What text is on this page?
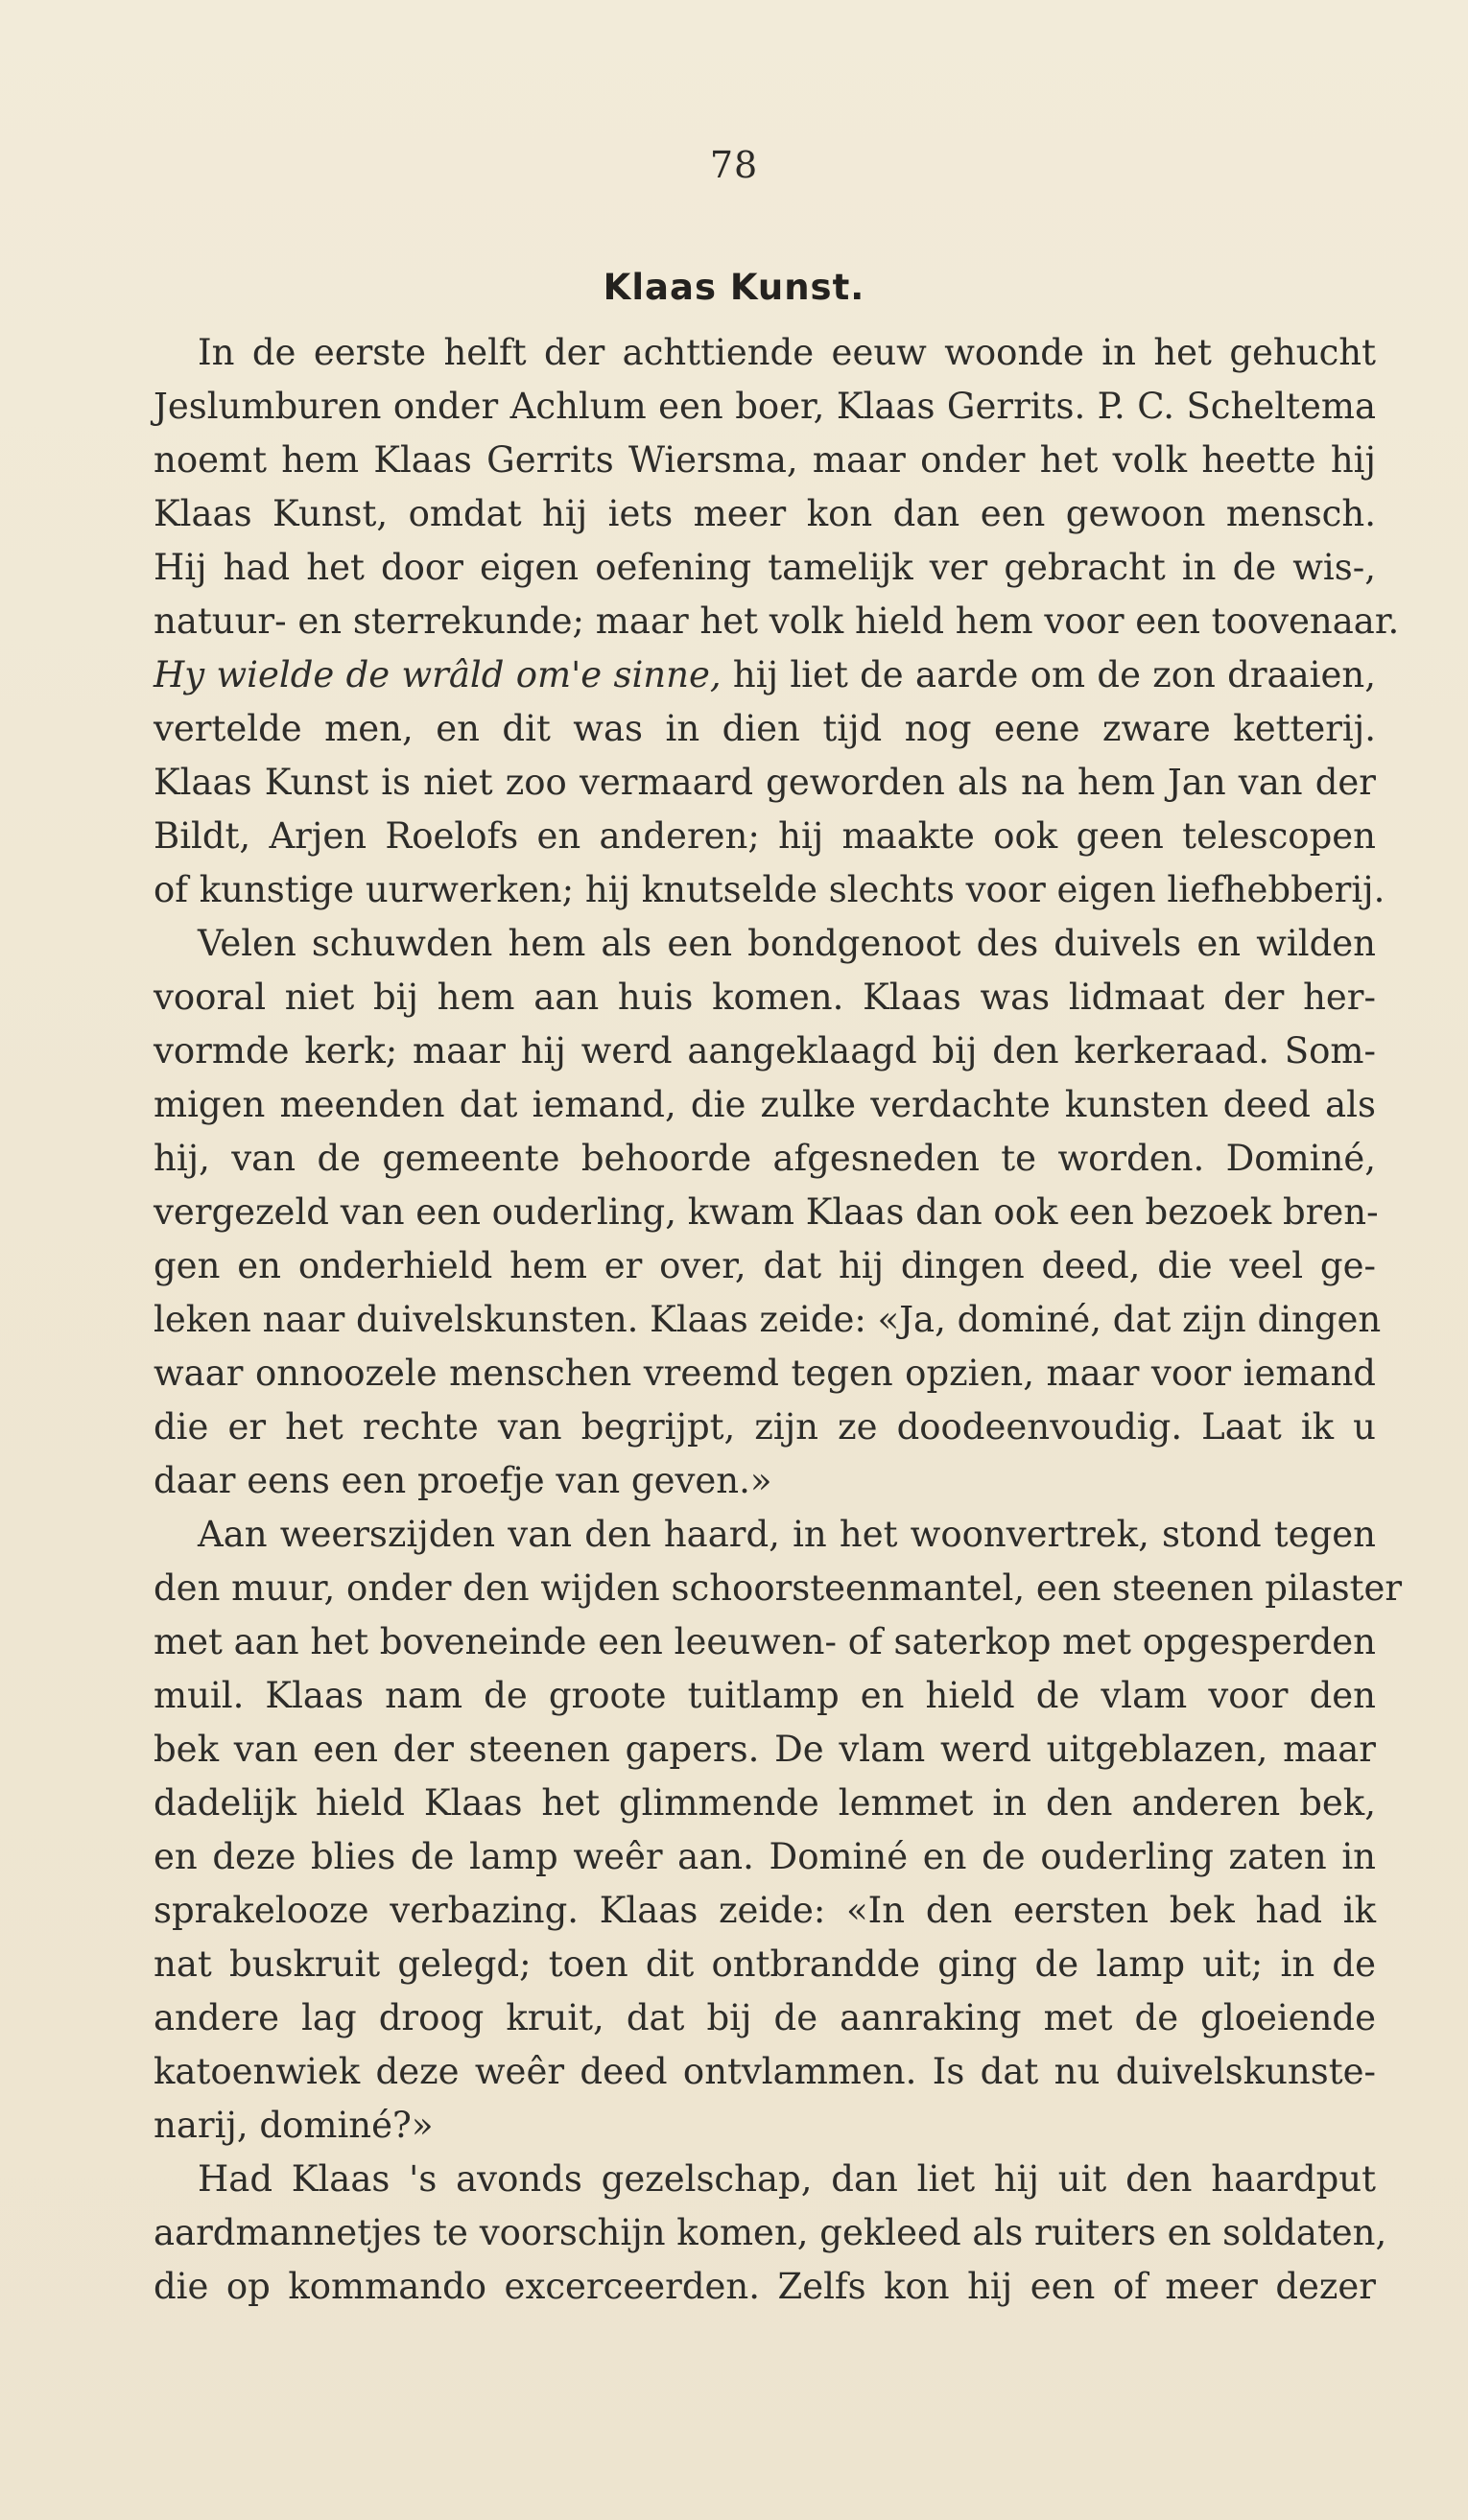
78
Klaas Kunst.
In de eerste helft der achttiende eeuw woonde in het gehucht
Jeslumburen onder Achlum een boer, Klaas Gerrits. P. C. Scheltema
noemt hem Klaas Gerrits Wiersma, maar onder het volk heette hij
Klaas Kunst, omdat hij iets meer kon dan een gewoon mensch.
Hij had het door eigen oefening tamelijk ver gebracht in de wis-,
natuur- en sterrekunde; maar het volk hield hem voor een toovenaar.
Hy wielde de wrâld om'e sinne, hij liet de aarde om de zon draaien,
vertelde men, en dit was in dien tijd nog eene zware ketterij.
Klaas Kunst is niet zoo vermaard geworden als na hem Jan van der
Bildt, Arjen Roelofs en anderen; hij maakte ook geen telescopen
of kunstige uurwerken; hij knutselde slechts voor eigen liefhebberij.
Velen schuwden hem als een bondgenoot des duivels en wilden
vooral niet bij hem aan huis komen. Klaas was lidmaat der her-
vormde kerk; maar hij werd aangeklaagd bij den kerkeraad. Som-
migen meenden dat iemand, die zulke verdachte kunsten deed als
hij, van de gemeente behoorde afgesneden te worden. Dominé,
vergezeld van een ouderling, kwam Klaas dan ook een bezoek bren-
gen en onderhield hem er over, dat hij dingen deed, die veel ge-
leken naar duivelskunsten. Klaas zeide: «Ja, dominé, dat zijn dingen
waar onnoozele menschen vreemd tegen opzien, maar voor iemand
die er het rechte van begrijpt, zijn ze doodeenvoudig. Laat ik u
daar eens een proefje van geven.»
Aan weerszijden van den haard, in het woonvertrek, stond tegen
den muur, onder den wijden schoorsteenmantel, een steenen pilaster
met aan het boveneinde een leeuwen- of saterkop met opgesperden
muil. Klaas nam de groote tuitlamp en hield de vlam voor den
bek van een der steenen gapers. De vlam werd uitgeblazen, maar
dadelijk hield Klaas het glimmende lemmet in den anderen bek,
en deze blies de lamp weêr aan. Dominé en de ouderling zaten in
sprakelooze verbazing. Klaas zeide: «In den eersten bek had ik
nat buskruit gelegd; toen dit ontbrandde ging de lamp uit; in de
andere lag droog kruit, dat bij de aanraking met de gloeiende
katoenwiek deze weêr deed ontvlammen. Is dat nu duivelskunste-
narij, dominé?»
Had Klaas 's avonds gezelschap, dan liet hij uit den haardput
aardmannetjes te voorschijn komen, gekleed als ruiters en soldaten,
die op kommando excerceerden. Zelfs kon hij een of meer dezer
